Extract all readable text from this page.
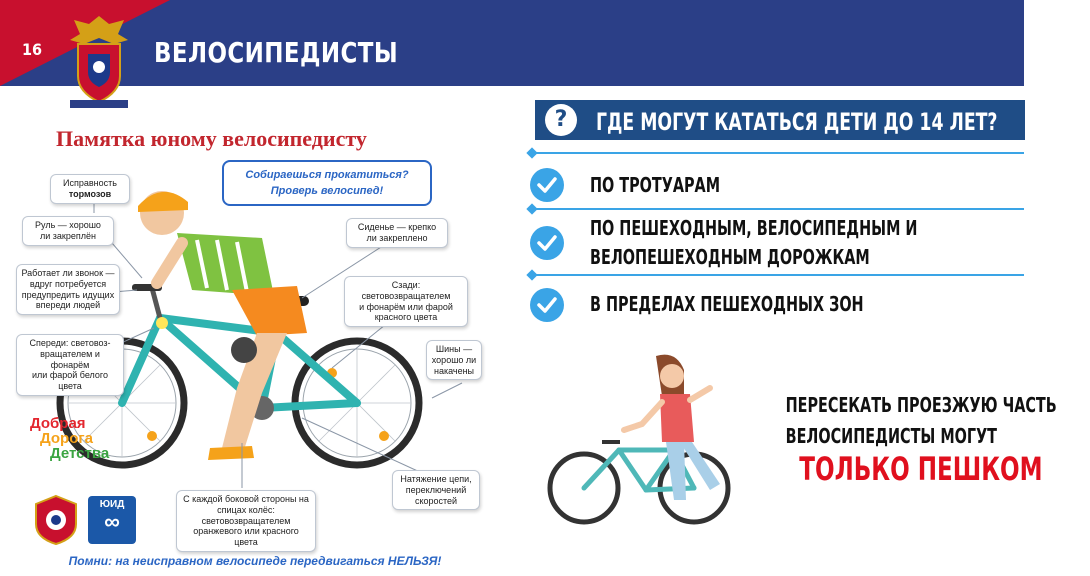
16	ВЕЛОСИПЕДИСТЫ
Памятка юному велосипедисту
Собираешься прокатиться?
Проверь велосипед!
Исправность
тормозов
Руль — хорошо
ли закреплён
Работает ли звонок —
вдруг потребуется
предупредить идущих
впереди людей
Спереди: световоз-
вращателем и фонарём
или фарой белого цвета
Сиденье — крепко
ли закреплено
Сзади: световозвращателем
и фонарём или фарой
красного цвета
Шины —
хорошо ли
накачены
Натяжение цепи,
переключений
скоростей
С каждой боковой стороны на
спицах колёс: световозвращателем
оранжевого или красного цвета
Добрая
Дорога
Детства
ЮИД
∞
Помни: на неисправном велосипеде передвигаться НЕЛЬЗЯ!
?	ГДЕ МОГУТ КАТАТЬСЯ ДЕТИ ДО 14 ЛЕТ?
ПО ТРОТУАРАМ
ПО ПЕШЕХОДНЫМ, ВЕЛОСИПЕДНЫМ И
ВЕЛОПЕШЕХОДНЫМ ДОРОЖКАМ
В ПРЕДЕЛАХ ПЕШЕХОДНЫХ ЗОН
ПЕРЕСЕКАТЬ ПРОЕЗЖУЮ ЧАСТЬ
ВЕЛОСИПЕДИСТЫ МОГУТ
ТОЛЬКО ПЕШКОМ
